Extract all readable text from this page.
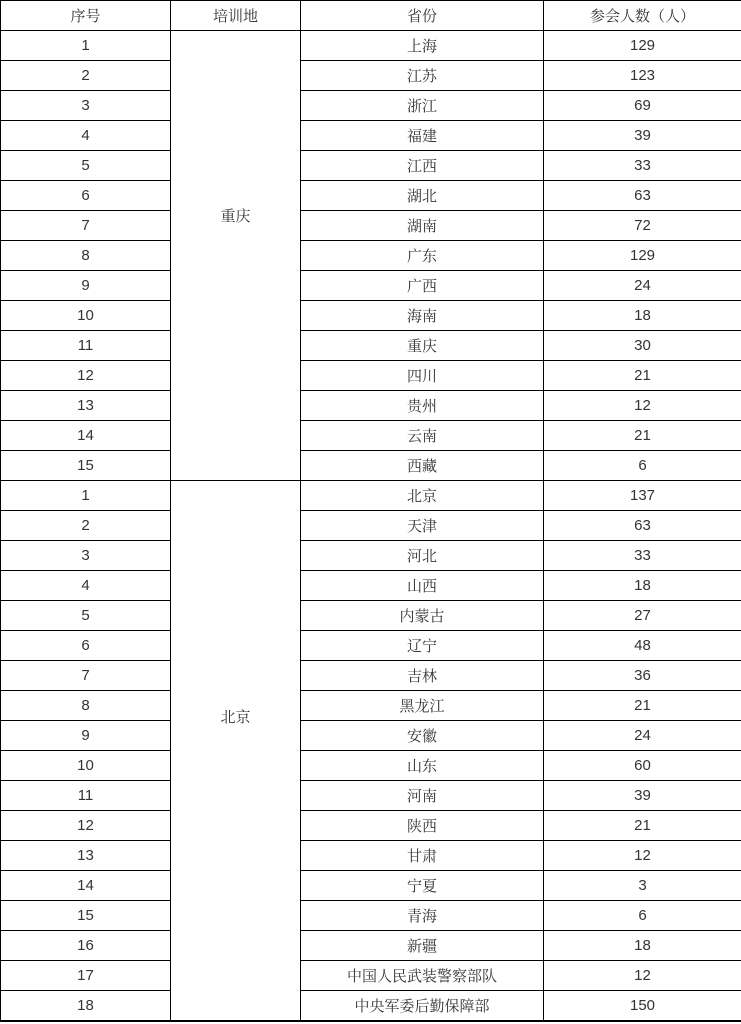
序号	培训地	省份	参会人数（人）
1	重庆	上海	129
2		江苏	123
3		浙江	69
4		福建	39
5		江西	33
6		湖北	63
7		湖南	72
8		广东	129
9		广西	24
10		海南	18
11		重庆	30
12		四川	21
13		贵州	12
14		云南	21
15		西藏	6
1	北京	北京	137
2		天津	63
3		河北	33
4		山西	18
5		内蒙古	27
6		辽宁	48
7		吉林	36
8		黑龙江	21
9		安徽	24
10		山东	60
11		河南	39
12		陕西	21
13		甘肃	12
14		宁夏	3
15		青海	6
16		新疆	18
17		中国人民武装警察部队	12
18		中央军委后勤保障部	150
